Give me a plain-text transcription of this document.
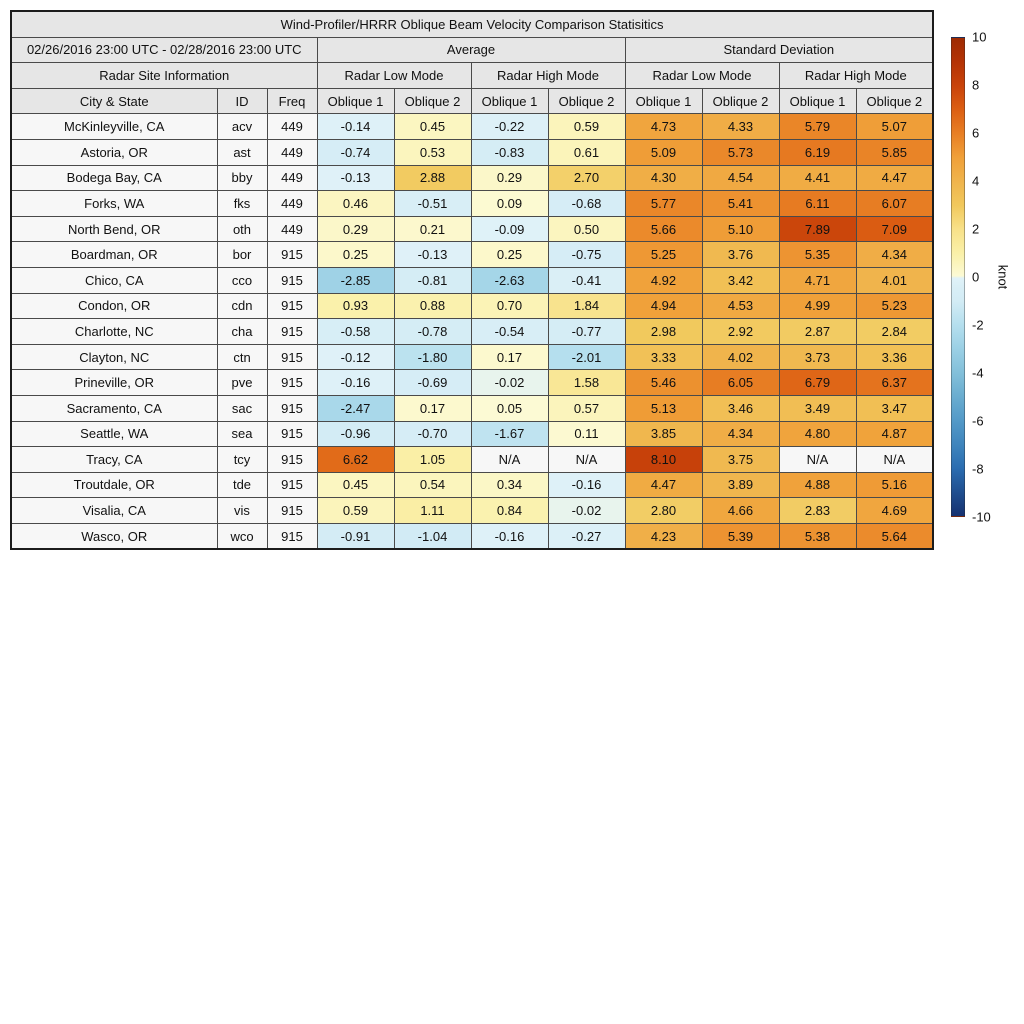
Wind-Profiler/HRRR Oblique Beam Velocity Comparison Statisitics										
02/26/2016 23:00 UTC - 02/28/2016 23:00 UTC			Average				Standard Deviation			
Radar Site Information			Radar Low Mode		Radar High Mode		Radar Low Mode		Radar High Mode	
City & State	ID	Freq	Oblique 1	Oblique 2	Oblique 1	Oblique 2	Oblique 1	Oblique 2	Oblique 1	Oblique 2
McKinleyville, CA	acv	449	-0.14	0.45	-0.22	0.59	4.73	4.33	5.79	5.07
Astoria, OR	ast	449	-0.74	0.53	-0.83	0.61	5.09	5.73	6.19	5.85
Bodega Bay, CA	bby	449	-0.13	2.88	0.29	2.70	4.30	4.54	4.41	4.47
Forks, WA	fks	449	0.46	-0.51	0.09	-0.68	5.77	5.41	6.11	6.07
North Bend, OR	oth	449	0.29	0.21	-0.09	0.50	5.66	5.10	7.89	7.09
Boardman, OR	bor	915	0.25	-0.13	0.25	-0.75	5.25	3.76	5.35	4.34
Chico, CA	cco	915	-2.85	-0.81	-2.63	-0.41	4.92	3.42	4.71	4.01
Condon, OR	cdn	915	0.93	0.88	0.70	1.84	4.94	4.53	4.99	5.23
Charlotte, NC	cha	915	-0.58	-0.78	-0.54	-0.77	2.98	2.92	2.87	2.84
Clayton, NC	ctn	915	-0.12	-1.80	0.17	-2.01	3.33	4.02	3.73	3.36
Prineville, OR	pve	915	-0.16	-0.69	-0.02	1.58	5.46	6.05	6.79	6.37
Sacramento, CA	sac	915	-2.47	0.17	0.05	0.57	5.13	3.46	3.49	3.47
Seattle, WA	sea	915	-0.96	-0.70	-1.67	0.11	3.85	4.34	4.80	4.87
Tracy, CA	tcy	915	6.62	1.05	N/A	N/A	8.10	3.75	N/A	N/A
Troutdale, OR	tde	915	0.45	0.54	0.34	-0.16	4.47	3.89	4.88	5.16
Visalia, CA	vis	915	0.59	1.11	0.84	-0.02	2.80	4.66	2.83	4.69
Wasco, OR	wco	915	-0.91	-1.04	-0.16	-0.27	4.23	5.39	5.38	5.64
10
8
6
4
2
0
-2
-4
-6
-8
-10
knot
